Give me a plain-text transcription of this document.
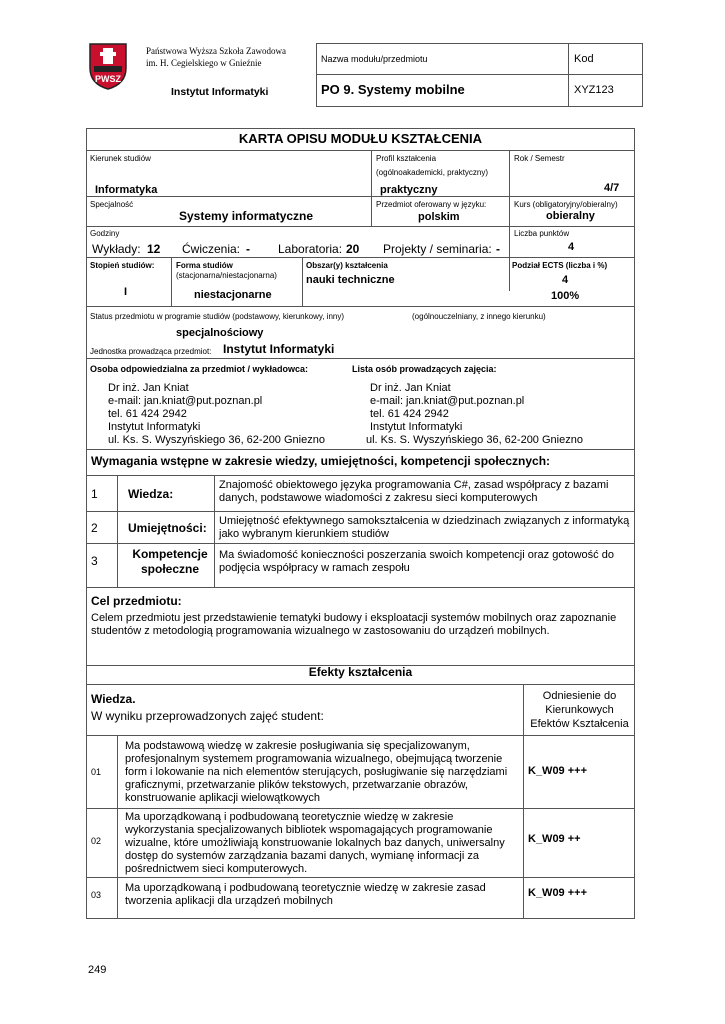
PWSZ
Państwowa Wyższa Szkoła Zawodowa
im. H. Cegielskiego w Gnieźnie
Instytut Informatyki
Nazwa modułu/przedmiotu	Kod
PO 9. Systemy mobilne	XYZ123
KARTA OPISU MODUŁU KSZTAŁCENIA
Kierunek studiów
Informatyka
Profil kształcenia
(ogólnoakademicki, praktyczny)
praktyczny
Rok / Semestr
4/7
Specjalność
Systemy informatyczne
Przedmiot oferowany w języku:
polskim
Kurs (obligatoryjny/obieralny)
obieralny
Godziny
Wykłady: 12 Ćwiczenia: - Laboratoria: 20 Projekty / seminaria: -
Liczba punktów
4
Stopień studiów:
I
Forma studiów
(stacjonarna/niestacjonarna)
niestacjonarne
Obszar(y) kształcenia
nauki techniczne
Podział ECTS (liczba i %)
4
100%
Status przedmiotu w programie studiów (podstawowy, kierunkowy, inny)	(ogólnouczelniany, z innego kierunku)
specjalnościowy
Jednostka prowadząca przedmiot: Instytut Informatyki
Osoba odpowiedzialna za przedmiot / wykładowca:	Lista osób prowadzących zajęcia:
Dr inż. Jan Kniat
e-mail: jan.kniat@put.poznan.pl
tel. 61 424 2942
Instytut Informatyki
ul. Ks. S. Wyszyńskiego 36, 62-200 Gniezno
Dr inż. Jan Kniat
e-mail: jan.kniat@put.poznan.pl
tel. 61 424 2942
Instytut Informatyki
ul. Ks. S. Wyszyńskiego 36, 62-200 Gniezno
Wymagania wstępne w zakresie wiedzy, umiejętności, kompetencji społecznych:
1	Wiedza:
Znajomość obiektowego języka programowania C#, zasad współpracy z bazami danych, podstawowe wiadomości z zakresu sieci komputerowych
2	Umiejętności: Umiejętność efektywnego samokształcenia w dziedzinach związanych z informatyką jako wybranym kierunkiem studiów
3	Kompetencje społeczne
Ma świadomość konieczności poszerzania swoich kompetencji oraz gotowość do podjęcia współpracy w ramach zespołu
Cel przedmiotu:
Celem przedmiotu jest przedstawienie tematyki budowy i eksploatacji systemów mobilnych oraz zapoznanie studentów z metodologią programowania wizualnego w zastosowaniu do urządzeń mobilnych.
Efekty kształcenia
Wiedza.
W wyniku przeprowadzonych zajęć student:
Odniesienie do Kierunkowych Efektów Kształcenia
01
Ma podstawową wiedzę w zakresie posługiwania się specjalizowanym, profesjonalnym systemem programowania wizualnego, obejmującą tworzenie form i lokowanie na nich elementów sterujących, posługiwanie się narzędziami graficznymi, przetwarzanie plików tekstowych, przetwarzanie obrazów, konstruowanie aplikacji wielowątkowych
K_W09 +++
02
Ma uporządkowaną i podbudowaną teoretycznie wiedzę w zakresie wykorzystania specjalizowanych bibliotek wspomagających programowanie wizualne, które umożliwiają konstruowanie lokalnych baz danych, uniwersalny dostęp do systemów zarządzania bazami danych, wymianę informacji za pośrednictwem sieci komputerowych.
K_W09 ++
03
Ma uporządkowaną i podbudowaną teoretycznie wiedzę w zakresie zasad tworzenia aplikacji dla urządzeń mobilnych
K_W09 +++
249
